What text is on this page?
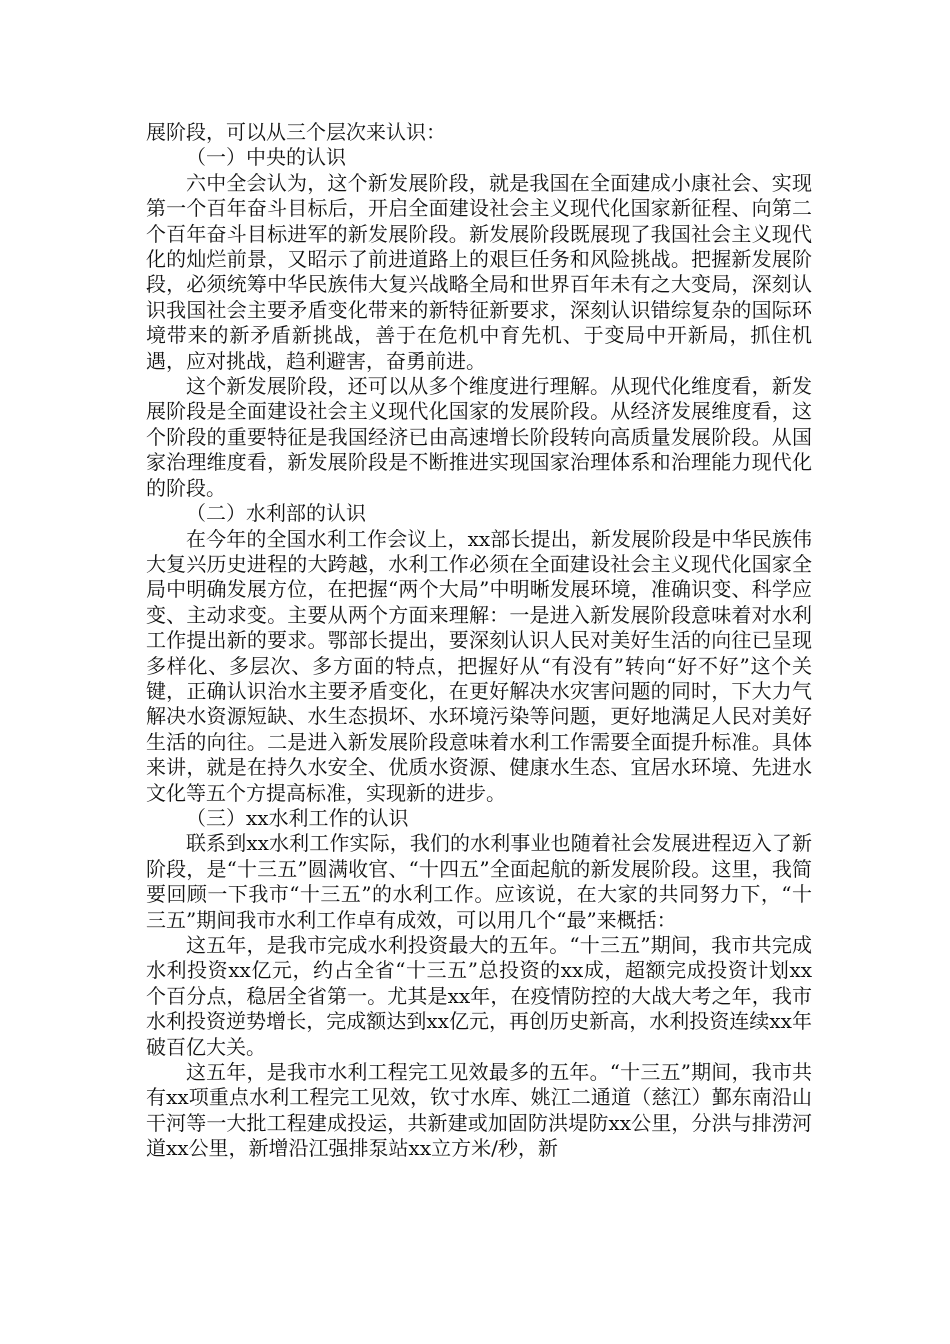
展阶段，可以从三个层次来认识：

（一）中央的认识

六中全会认为，这个新发展阶段，就是我国在全面建成小康社会、实现第一个百年奋斗目标后，开启全面建设社会主义现代化国家新征程、向第二个百年奋斗目标进军的新发展阶段。新发展阶段既展现了我国社会主义现代化的灿烂前景，又昭示了前进道路上的艰巨任务和风险挑战。把握新发展阶段，必须统筹中华民族伟大复兴战略全局和世界百年未有之大变局，深刻认识我国社会主要矛盾变化带来的新特征新要求，深刻认识错综复杂的国际环境带来的新矛盾新挑战，善于在危机中育先机、于变局中开新局，抓住机遇，应对挑战，趋利避害，奋勇前进。

这个新发展阶段，还可以从多个维度进行理解。从现代化维度看，新发展阶段是全面建设社会主义现代化国家的发展阶段。从经济发展维度看，这个阶段的重要特征是我国经济已由高速增长阶段转向高质量发展阶段。从国家治理维度看，新发展阶段是不断推进实现国家治理体系和治理能力现代化的阶段。

（二）水利部的认识

在今年的全国水利工作会议上，xx部长提出，新发展阶段是中华民族伟大复兴历史进程的大跨越，水利工作必须在全面建设社会主义现代化国家全局中明确发展方位，在把握“两个大局”中明晰发展环境，准确识变、科学应变、主动求变。主要从两个方面来理解：一是进入新发展阶段意味着对水利工作提出新的要求。鄂部长提出，要深刻认识人民对美好生活的向往已呈现多样化、多层次、多方面的特点，把握好从“有没有”转向“好不好”这个关键，正确认识治水主要矛盾变化，在更好解决水灾害问题的同时，下大力气解决水资源短缺、水生态损坏、水环境污染等问题，更好地满足人民对美好生活的向往。二是进入新发展阶段意味着水利工作需要全面提升标准。具体来讲，就是在持久水安全、优质水资源、健康水生态、宜居水环境、先进水文化等五个方提高标准，实现新的进步。

（三）xx水利工作的认识

联系到xx水利工作实际，我们的水利事业也随着社会发展进程迈入了新阶段，是“十三五”圆满收官、“十四五”全面起航的新发展阶段。这里，我简要回顾一下我市“十三五”的水利工作。应该说，在大家的共同努力下，“十三五”期间我市水利工作卓有成效，可以用几个“最”来概括：

这五年，是我市完成水利投资最大的五年。“十三五”期间，我市共完成水利投资xx亿元，约占全省“十三五”总投资的xx成，超额完成投资计划xx个百分点，稳居全省第一。尤其是xx年，在疫情防控的大战大考之年，我市水利投资逆势增长，完成额达到xx亿元，再创历史新高，水利投资连续xx年破百亿大关。

这五年，是我市水利工程完工见效最多的五年。“十三五”期间，我市共有xx项重点水利工程完工见效，钦寸水库、姚江二通道（慈江）鄞东南沿山干河等一大批工程建成投运，共新建或加固防洪堤防xx公里，分洪与排涝河道xx公里，新增沿江强排泵站xx立方米/秒，新
